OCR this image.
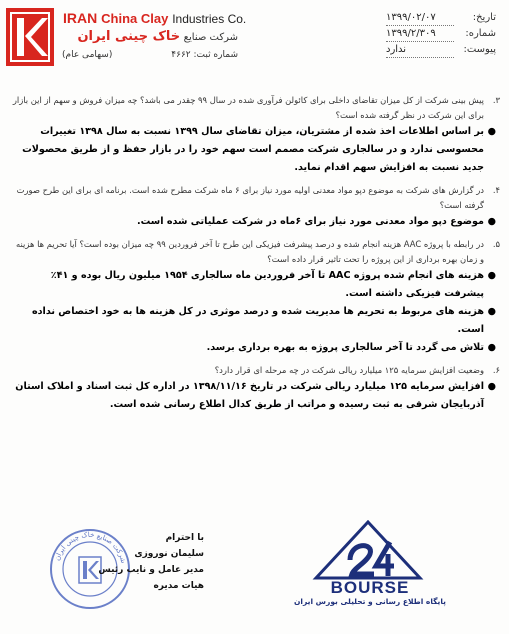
IRAN China Clay Industries Co.
شرکت صنایع خاک چینی ایران
(سهامی عام)	شماره ثبت: ۴۶۶۲
تاریخ:
۱۳۹۹/۰۲/۰۷
شماره:
۱۳۹۹/۲/۳۰۹
پیوست:
ندارد
۳.
پیش بینی شرکت از کل میزان تقاضای داخلی برای کائولن فرآوری شده در سال ۹۹ چقدر می باشد؟ چه میزان فروش و سهم از این بازار برای این شرکت در نظر گرفته شده است؟
●
بر اساس اطلاعات اخذ شده از مشتریان، میزان تقاضای سال ۱۳۹۹ نسبت به سال ۱۳۹۸ تغییرات محسوسی ندارد و در سالجاری شرکت مصمم است سهم خود را در بازار حفظ و از طریق محصولات جدید نسبت به افزایش سهم اقدام نماید.
۴.
در گزارش های شرکت به موضوع دپو مواد معدنی اولیه مورد نیاز برای ۶ ماه شرکت مطرح شده است. برنامه ای برای این طرح صورت گرفته است؟
●
موضوع دپو مواد معدنی مورد نیاز برای ۶ماه در شرکت عملیاتی شده است.
۵.
در رابطه با پروژه AAC هزینه انجام شده و درصد پیشرفت فیزیکی این طرح تا آخر فروردین ۹۹ چه میزان بوده است؟ آیا تحریم ها هزینه و زمان بهره برداری از این پروژه را تحت تاثیر قرار داده است؟
●
هزینه های انجام شده پروژه AAC تا آخر فروردین ماه سالجاری ۱۹۵۴ میلیون ریال بوده و ۴۱٪ پیشرفت فیزیکی داشته است.
●
هزینه های مربوط به تحریم ها مدیریت شده و درصد موثری در کل هزینه ها به خود اختصاص نداده است.
●
تلاش می گردد تا آخر سالجاری پروژه به بهره برداری برسد.
۶.
وضعیت افزایش سرمایه ۱۲۵ میلیارد ریالی شرکت در چه مرحله ای قرار دارد؟
●
افزایش سرمایه ۱۲۵ میلیارد ریالی شرکت در تاریخ ۱۳۹۸/۱۱/۱۶ در اداره کل ثبت اسناد و املاک استان آذربایجان شرقی به ثبت رسیده و مراتب از طریق کدال اطلاع رسانی شده است.
شرکت صنایع خاک چینی ایران
با احترام
سلیمان نوروزی
مدیر عامل و نایب رئیس هیات مدیره	BOURSE
پایگاه اطلاع رسانی و تحلیلی بورس ایران
